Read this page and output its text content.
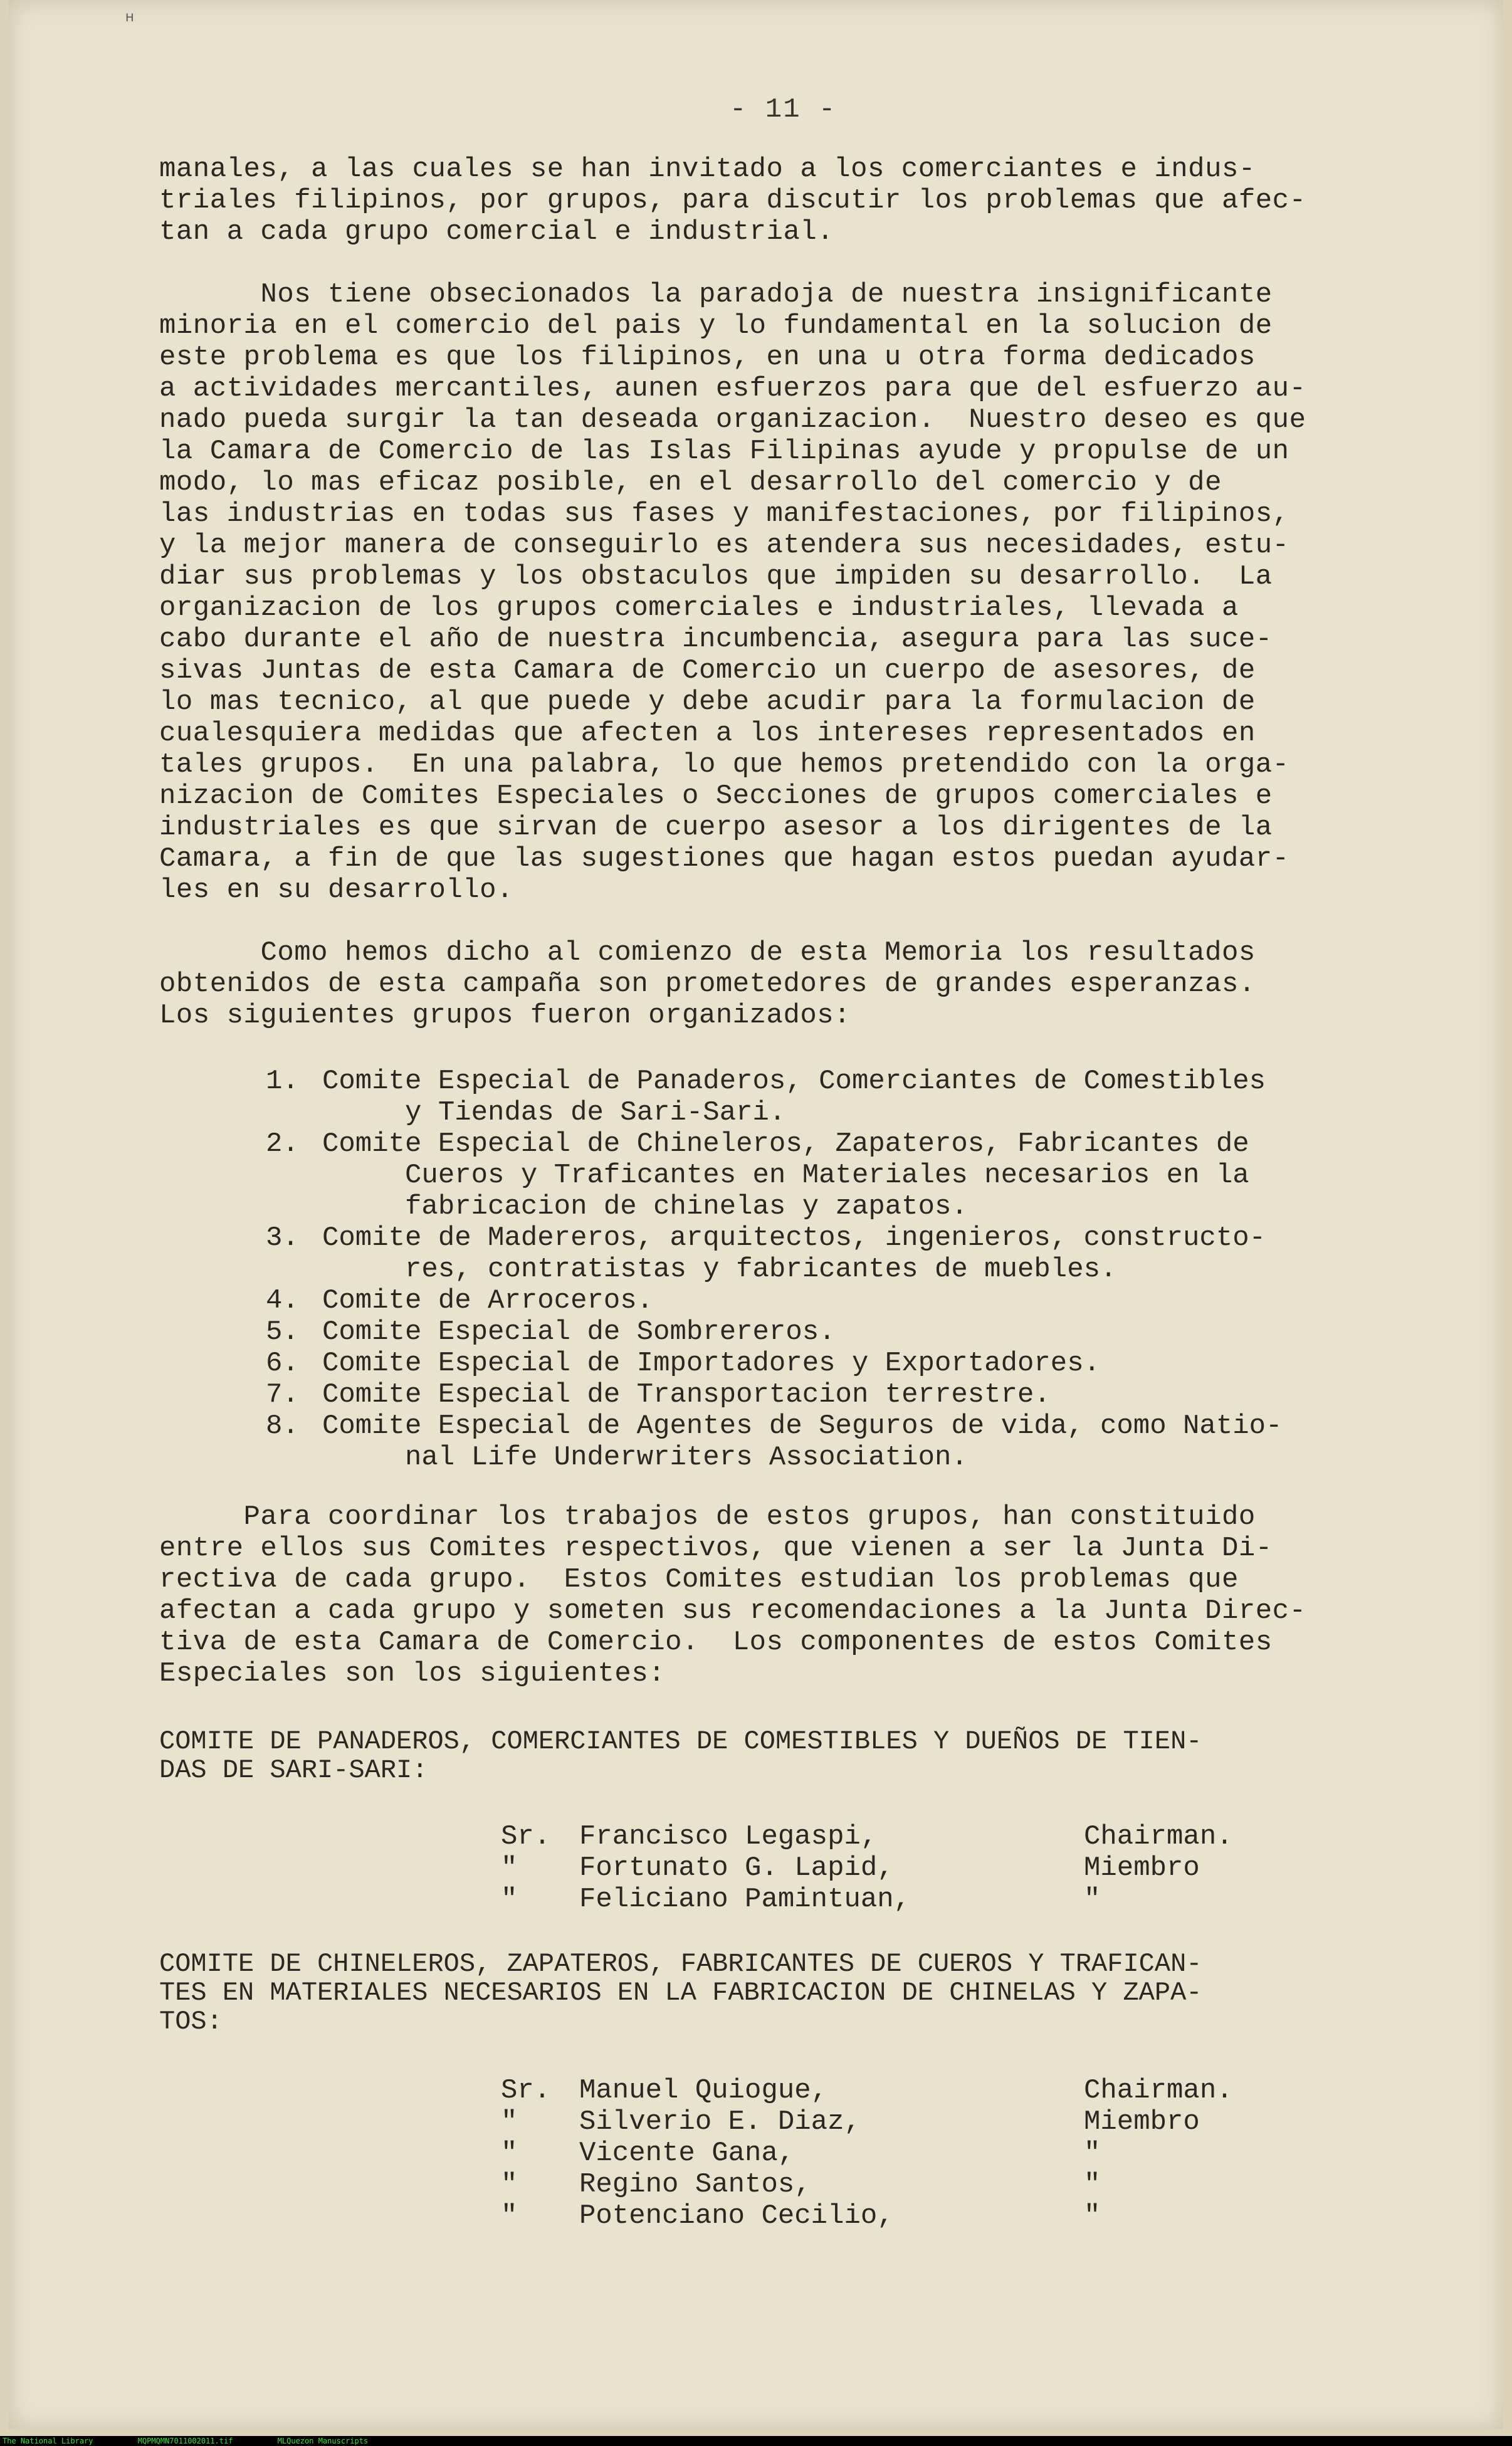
ᴴ
- 11 -

manales, a las cuales se han invitado a los comerciantes e indus-
triales filipinos, por grupos, para discutir los problemas que afec-
tan a cada grupo comercial e industrial.

Nos tiene obsecionados la paradoja de nuestra insignificante
minoria en el comercio del pais y lo fundamental en la solucion de
este problema es que los filipinos, en una u otra forma dedicados
a actividades mercantiles, aunen esfuerzos para que del esfuerzo au-
nado pueda surgir la tan deseada organizacion.  Nuestro deseo es que
la Camara de Comercio de las Islas Filipinas ayude y propulse de un
modo, lo mas eficaz posible, en el desarrollo del comercio y de
las industrias en todas sus fases y manifestaciones, por filipinos,
y la mejor manera de conseguirlo es atendera sus necesidades, estu-
diar sus problemas y los obstaculos que impiden su desarrollo.  La
organizacion de los grupos comerciales e industriales, llevada a
cabo durante el año de nuestra incumbencia, asegura para las suce-
sivas Juntas de esta Camara de Comercio un cuerpo de asesores, de
lo mas tecnico, al que puede y debe acudir para la formulacion de
cualesquiera medidas que afecten a los intereses representados en
tales grupos.  En una palabra, lo que hemos pretendido con la orga-
nizacion de Comites Especiales o Secciones de grupos comerciales e
industriales es que sirvan de cuerpo asesor a los dirigentes de la
Camara, a fin de que las sugestiones que hagan estos puedan ayudar-
les en su desarrollo.

Como hemos dicho al comienzo de esta Memoria los resultados
obtenidos de esta campaña son prometedores de grandes esperanzas.
Los siguientes grupos fueron organizados:

1. Comite Especial de Panaderos, Comerciantes de Comestibles
y Tiendas de Sari-Sari.
2. Comite Especial de Chineleros, Zapateros, Fabricantes de
Cueros y Traficantes en Materiales necesarios en la
fabricacion de chinelas y zapatos.
3. Comite de Madereros, arquitectos, ingenieros, constructo-
res, contratistas y fabricantes de muebles.
4. Comite de Arroceros.
5. Comite Especial de Sombrereros.
6. Comite Especial de Importadores y Exportadores.
7. Comite Especial de Transportacion terrestre.
8. Comite Especial de Agentes de Seguros de vida, como Natio-
nal Life Underwriters Association.

Para coordinar los trabajos de estos grupos, han constituido
entre ellos sus Comites respectivos, que vienen a ser la Junta Di-
rectiva de cada grupo.  Estos Comites estudian los problemas que
afectan a cada grupo y someten sus recomendaciones a la Junta Direc-
tiva de esta Camara de Comercio.  Los componentes de estos Comites
Especiales son los siguientes:

COMITE DE PANADEROS, COMERCIANTES DE COMESTIBLES Y DUEÑOS DE TIEN-
DAS DE SARI-SARI:

Sr.	Francisco Legaspi,	Chairman.
"	Fortunato G. Lapid,	Miembro
"	Feliciano Pamintuan,	"

COMITE DE CHINELEROS, ZAPATEROS, FABRICANTES DE CUEROS Y TRAFICAN-
TES EN MATERIALES NECESARIOS EN LA FABRICACION DE CHINELAS Y ZAPA-
TOS:

Sr.	Manuel Quiogue,	Chairman.
"	Silverio E. Diaz,	Miembro
"	Vicente Gana,	"
"	Regino Santos,	"
"	Potenciano Cecilio,	"
The National Library	MQPMQMN7011002011.tif	MLQuezon Manuscripts
